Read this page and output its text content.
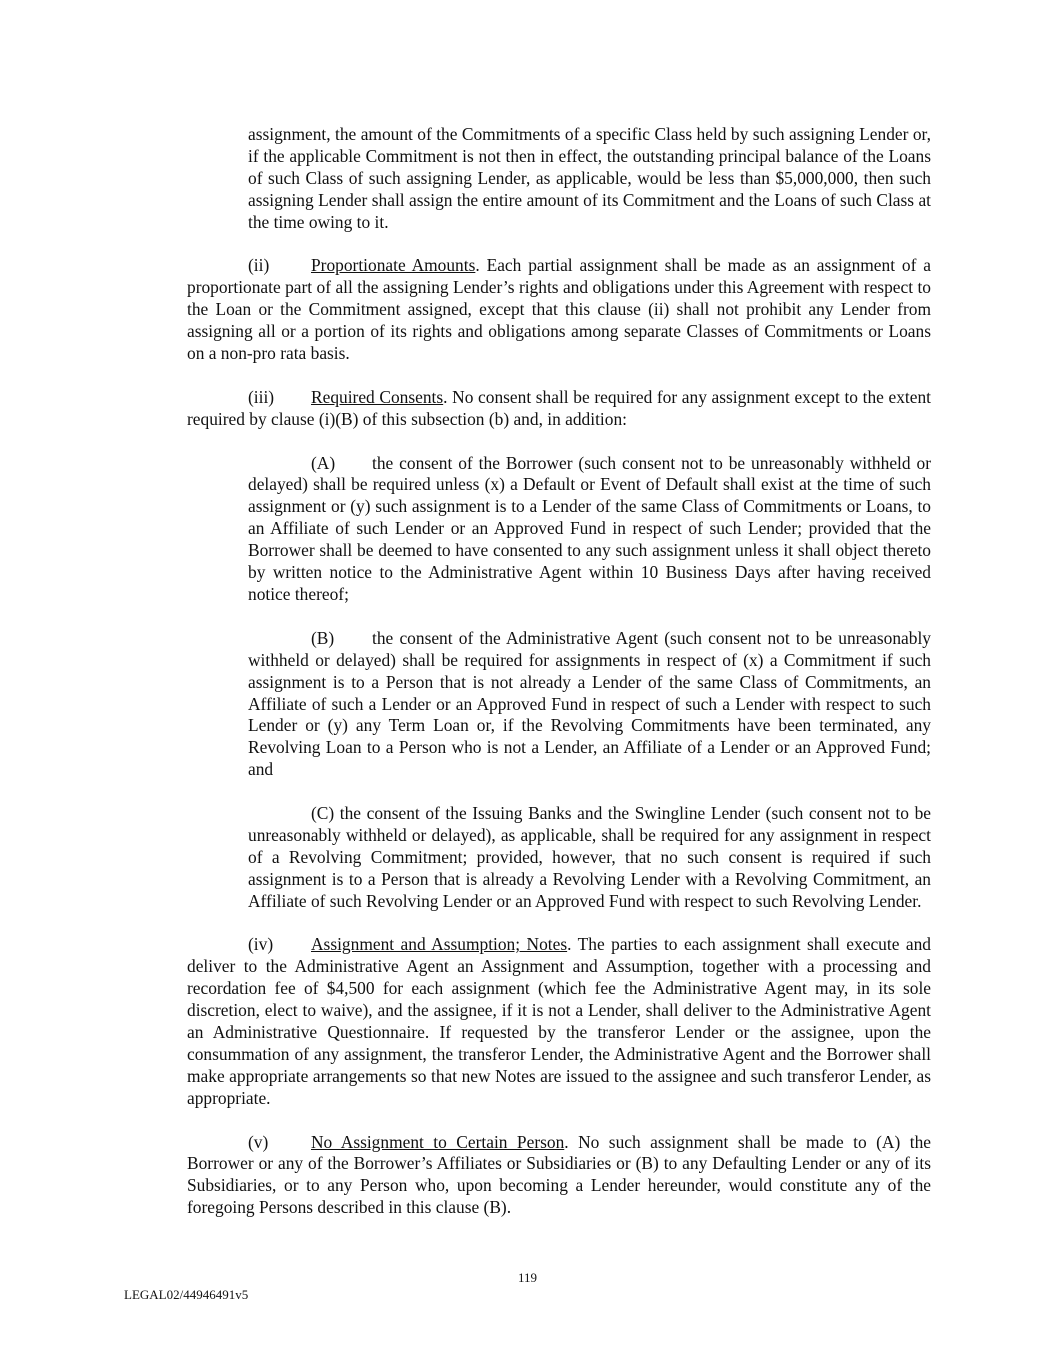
assignment, the amount of the Commitments of a specific Class held by such assigning Lender or, if the applicable Commitment is not then in effect, the outstanding principal balance of the Loans of such Class of such assigning Lender, as applicable, would be less than $5,000,000, then such assigning Lender shall assign the entire amount of its Commitment and the Loans of such Class at the time owing to it.

(ii) Proportionate Amounts. Each partial assignment shall be made as an assignment of a proportionate part of all the assigning Lender’s rights and obligations under this Agreement with respect to the Loan or the Commitment assigned, except that this clause (ii) shall not prohibit any Lender from assigning all or a portion of its rights and obligations among separate Classes of Commitments or Loans on a non-pro rata basis.

(iii) Required Consents. No consent shall be required for any assignment except to the extent required by clause (i)(B) of this subsection (b) and, in addition:

(A) the consent of the Borrower (such consent not to be unreasonably withheld or delayed) shall be required unless (x) a Default or Event of Default shall exist at the time of such assignment or (y) such assignment is to a Lender of the same Class of Commitments or Loans, to an Affiliate of such Lender or an Approved Fund in respect of such Lender; provided that the Borrower shall be deemed to have consented to any such assignment unless it shall object thereto by written notice to the Administrative Agent within 10 Business Days after having received notice thereof;

(B) the consent of the Administrative Agent (such consent not to be unreasonably withheld or delayed) shall be required for assignments in respect of (x) a Commitment if such assignment is to a Person that is not already a Lender of the same Class of Commitments, an Affiliate of such a Lender or an Approved Fund in respect of such a Lender with respect to such Lender or (y) any Term Loan or, if the Revolving Commitments have been terminated, any Revolving Loan to a Person who is not a Lender, an Affiliate of a Lender or an Approved Fund; and

(C) the consent of the Issuing Banks and the Swingline Lender (such consent not to be unreasonably withheld or delayed), as applicable, shall be required for any assignment in respect of a Revolving Commitment; provided, however, that no such consent is required if such assignment is to a Person that is already a Revolving Lender with a Revolving Commitment, an Affiliate of such Revolving Lender or an Approved Fund with respect to such Revolving Lender.

(iv) Assignment and Assumption; Notes. The parties to each assignment shall execute and deliver to the Administrative Agent an Assignment and Assumption, together with a processing and recordation fee of $4,500 for each assignment (which fee the Administrative Agent may, in its sole discretion, elect to waive), and the assignee, if it is not a Lender, shall deliver to the Administrative Agent an Administrative Questionnaire. If requested by the transferor Lender or the assignee, upon the consummation of any assignment, the transferor Lender, the Administrative Agent and the Borrower shall make appropriate arrangements so that new Notes are issued to the assignee and such transferor Lender, as appropriate.

(v) No Assignment to Certain Person. No such assignment shall be made to (A) the Borrower or any of the Borrower’s Affiliates or Subsidiaries or (B) to any Defaulting Lender or any of its Subsidiaries, or to any Person who, upon becoming a Lender hereunder, would constitute any of the foregoing Persons described in this clause (B).

119
LEGAL02/44946491v5
